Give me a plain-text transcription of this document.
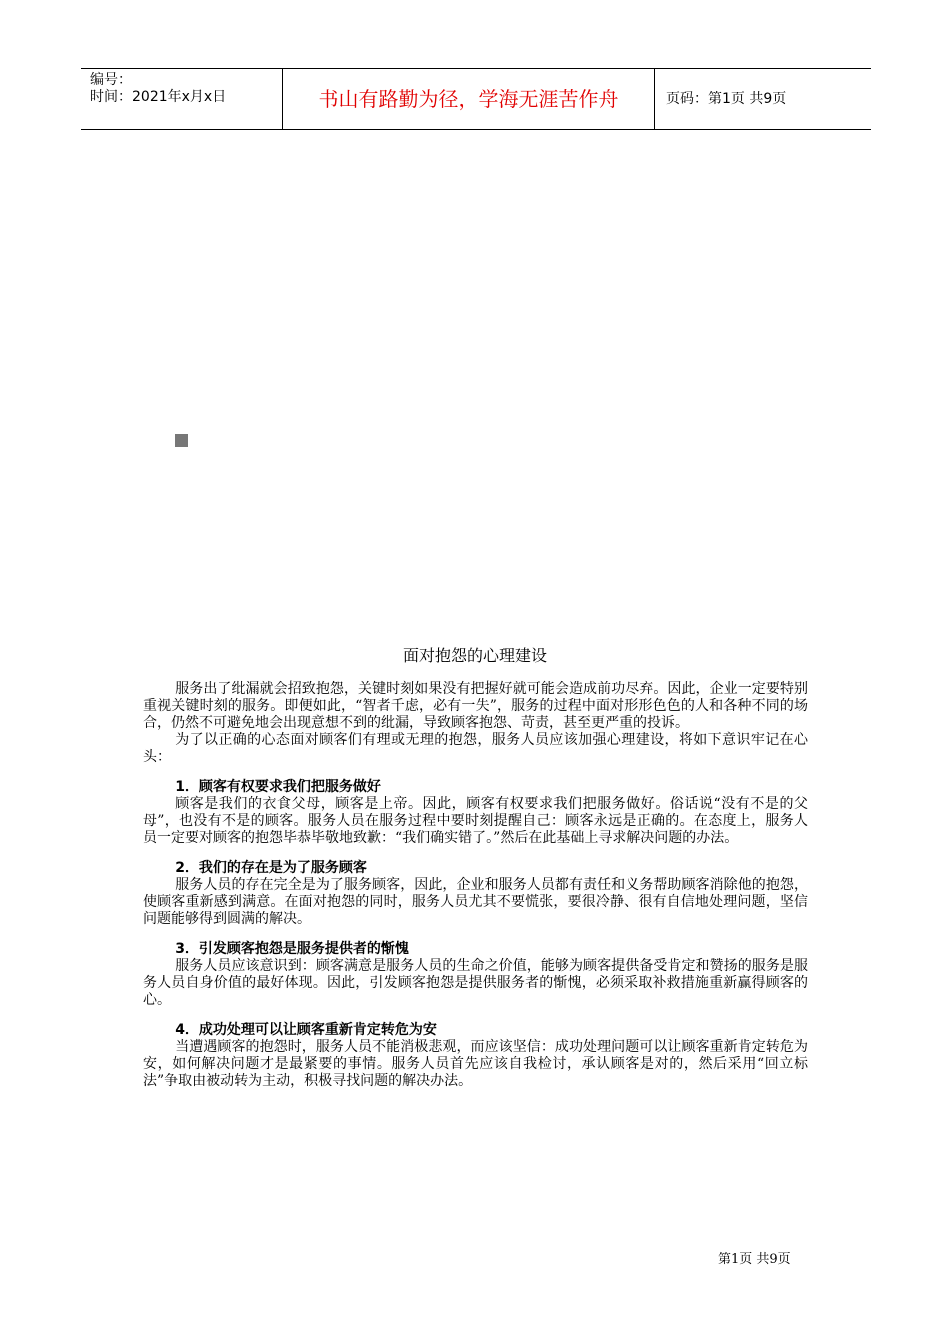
编号：
时间：2021年x月x日	书山有路勤为径，学海无涯苦作舟	页码：第1页 共9页
面对抱怨的心理建设

服务出了纰漏就会招致抱怨，关键时刻如果没有把握好就可能会造成前功尽弃。因此，企业一定要特别重视关键时刻的服务。即便如此，“智者千虑，必有一失”，服务的过程中面对形形色色的人和各种不同的场合，仍然不可避免地会出现意想不到的纰漏，导致顾客抱怨、苛责，甚至更严重的投诉。

为了以正确的心态面对顾客们有理或无理的抱怨，服务人员应该加强心理建设，将如下意识牢记在心头：

1．顾客有权要求我们把服务做好

顾客是我们的衣食父母，顾客是上帝。因此，顾客有权要求我们把服务做好。俗话说“没有不是的父母”，也没有不是的顾客。服务人员在服务过程中要时刻提醒自己：顾客永远是正确的。在态度上，服务人员一定要对顾客的抱怨毕恭毕敬地致歉：“我们确实错了。”然后在此基础上寻求解决问题的办法。

2．我们的存在是为了服务顾客

服务人员的存在完全是为了服务顾客，因此，企业和服务人员都有责任和义务帮助顾客消除他的抱怨，使顾客重新感到满意。在面对抱怨的同时，服务人员尤其不要慌张，要很冷静、很有自信地处理问题，坚信问题能够得到圆满的解决。

3．引发顾客抱怨是服务提供者的惭愧

服务人员应该意识到：顾客满意是服务人员的生命之价值，能够为顾客提供备受肯定和赞扬的服务是服务人员自身价值的最好体现。因此，引发顾客抱怨是提供服务者的惭愧，必须采取补救措施重新赢得顾客的心。

4．成功处理可以让顾客重新肯定转危为安

当遭遇顾客的抱怨时，服务人员不能消极悲观，而应该坚信：成功处理问题可以让顾客重新肯定转危为安，如何解决问题才是最紧要的事情。服务人员首先应该自我检讨，承认顾客是对的，然后采用“回立标法”争取由被动转为主动，积极寻找问题的解决办法。

第1页 共9页
